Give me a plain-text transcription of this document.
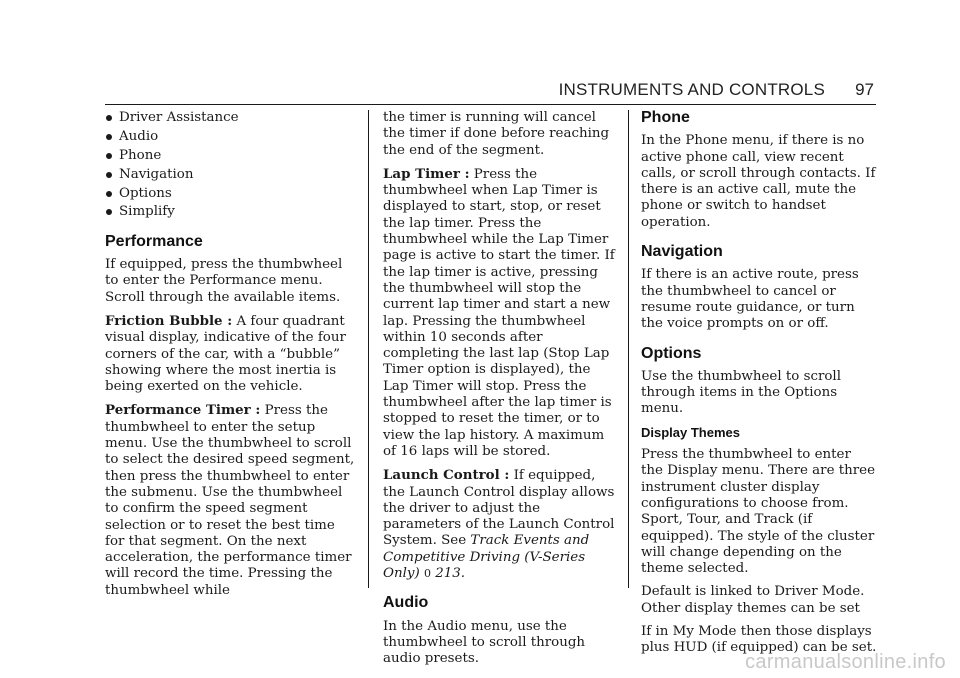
INSTRUMENTS AND CONTROLS 97
Driver Assistance
Audio
Phone
Navigation
Options
Simplify
Performance

If equipped, press the thumbwheel to enter the Performance menu. Scroll through the available items.

Friction Bubble : A four quadrant visual display, indicative of the four corners of the car, with a “bubble” showing where the most inertia is being exerted on the vehicle.

Performance Timer : Press the thumbwheel to enter the setup menu. Use the thumbwheel to scroll to select the desired speed segment, then press the thumbwheel to enter the submenu. Use the thumbwheel to confirm the speed segment selection or to reset the best time for that segment. On the next acceleration, the performance timer will record the time. Pressing the thumbwheel while

the timer is running will cancel the timer if done before reaching the end of the segment.

Lap Timer : Press the thumbwheel when Lap Timer is displayed to start, stop, or reset the lap timer. Press the thumbwheel while the Lap Timer page is active to start the timer. If the lap timer is active, pressing the thumbwheel will stop the current lap timer and start a new lap. Pressing the thumbwheel within 10 seconds after completing the last lap (Stop Lap Timer option is displayed), the Lap Timer will stop. Press the thumbwheel after the lap timer is stopped to reset the timer, or to view the lap history. A maximum of 16 laps will be stored.

Launch Control : If equipped, the Launch Control display allows the driver to adjust the parameters of the Launch Control System. See Track Events and Competitive Driving (V-Series Only) 0 213.

Audio

In the Audio menu, use the thumbwheel to scroll through audio presets.

Phone

In the Phone menu, if there is no active phone call, view recent calls, or scroll through contacts. If there is an active call, mute the phone or switch to handset operation.

Navigation

If there is an active route, press the thumbwheel to cancel or resume route guidance, or turn the voice prompts on or off.

Options

Use the thumbwheel to scroll through items in the Options menu.

Display Themes

Press the thumbwheel to enter the Display menu. There are three instrument cluster display configurations to choose from. Sport, Tour, and Track (if equipped). The style of the cluster will change depending on the theme selected.

Default is linked to Driver Mode. Other display themes can be set

If in My Mode then those displays plus HUD (if equipped) can be set.

carmanualsonline.info
